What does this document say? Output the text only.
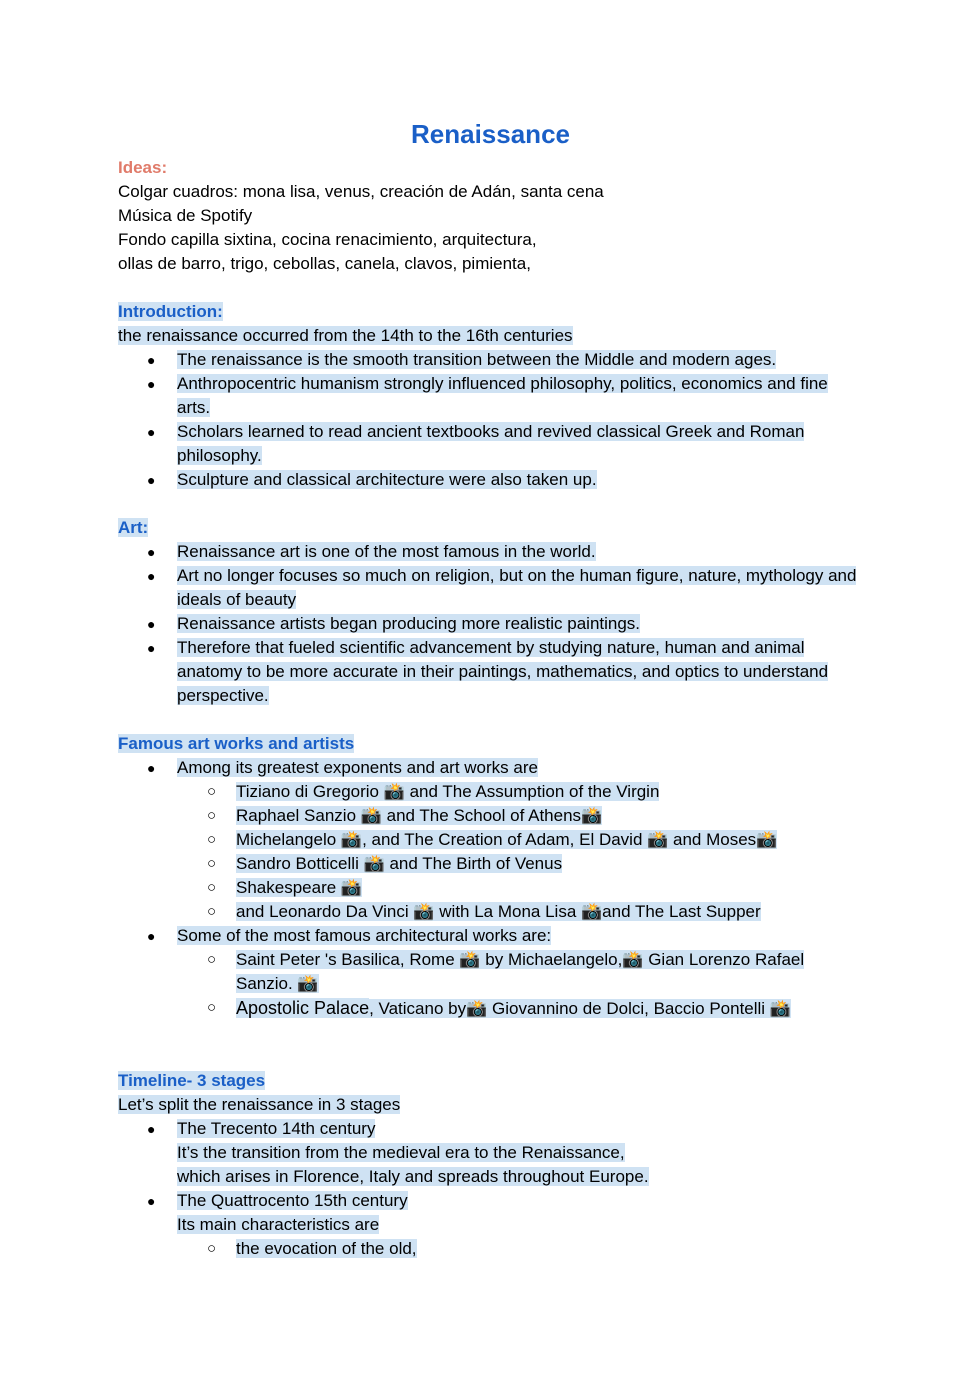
Renaissance

Ideas:

Colgar cuadros: mona lisa, venus, creación de Adán, santa cena

Música de Spotify

Fondo capilla sixtina, cocina renacimiento, arquitectura,

ollas de barro, trigo, cebollas, canela, clavos, pimienta,

Introduction:

the renaissance occurred from the 14th to the 16th centuries

● The renaissance is the smooth transition between the Middle and modern ages.
● Anthropocentric humanism strongly influenced philosophy, politics, economics and fine arts.
● Scholars learned to read ancient textbooks and revived classical Greek and Roman philosophy.
● Sculpture and classical architecture were also taken up.

Art:

● Renaissance art is one of the most famous in the world.
● Art no longer focuses so much on religion, but on the human figure, nature, mythology and ideals of beauty
● Renaissance artists began producing more realistic paintings.
● Therefore that fueled scientific advancement by studying nature, human and animal anatomy to be more accurate in their paintings, mathematics, and optics to understand perspective.

Famous art works and artists

● Among its greatest exponents and art works are
○ Tiziano di Gregorio 📸 and The Assumption of the Virgin
○ Raphael Sanzio 📸 and The School of Athens📸
○ Michelangelo 📸, and The Creation of Adam, El David 📸 and Moses📸
○ Sandro Botticelli 📸 and The Birth of Venus
○ Shakespeare 📸
○ and Leonardo Da Vinci 📸 with La Mona Lisa 📸and The Last Supper
● Some of the most famous architectural works are:
○ Saint Peter 's Basilica, Rome 📸 by Michaelangelo,📸 Gian Lorenzo Rafael Sanzio. 📸
○ Apostolic Palace, Vaticano by📸 Giovannino de Dolci, Baccio Pontelli 📸

Timeline- 3 stages

Let’s split the renaissance in 3 stages

● The Trecento 14th century
It’s the transition from the medieval era to the Renaissance,
which arises in Florence, Italy and spreads throughout Europe.
● The Quattrocento 15th century
Its main characteristics are
○ the evocation of the old,
